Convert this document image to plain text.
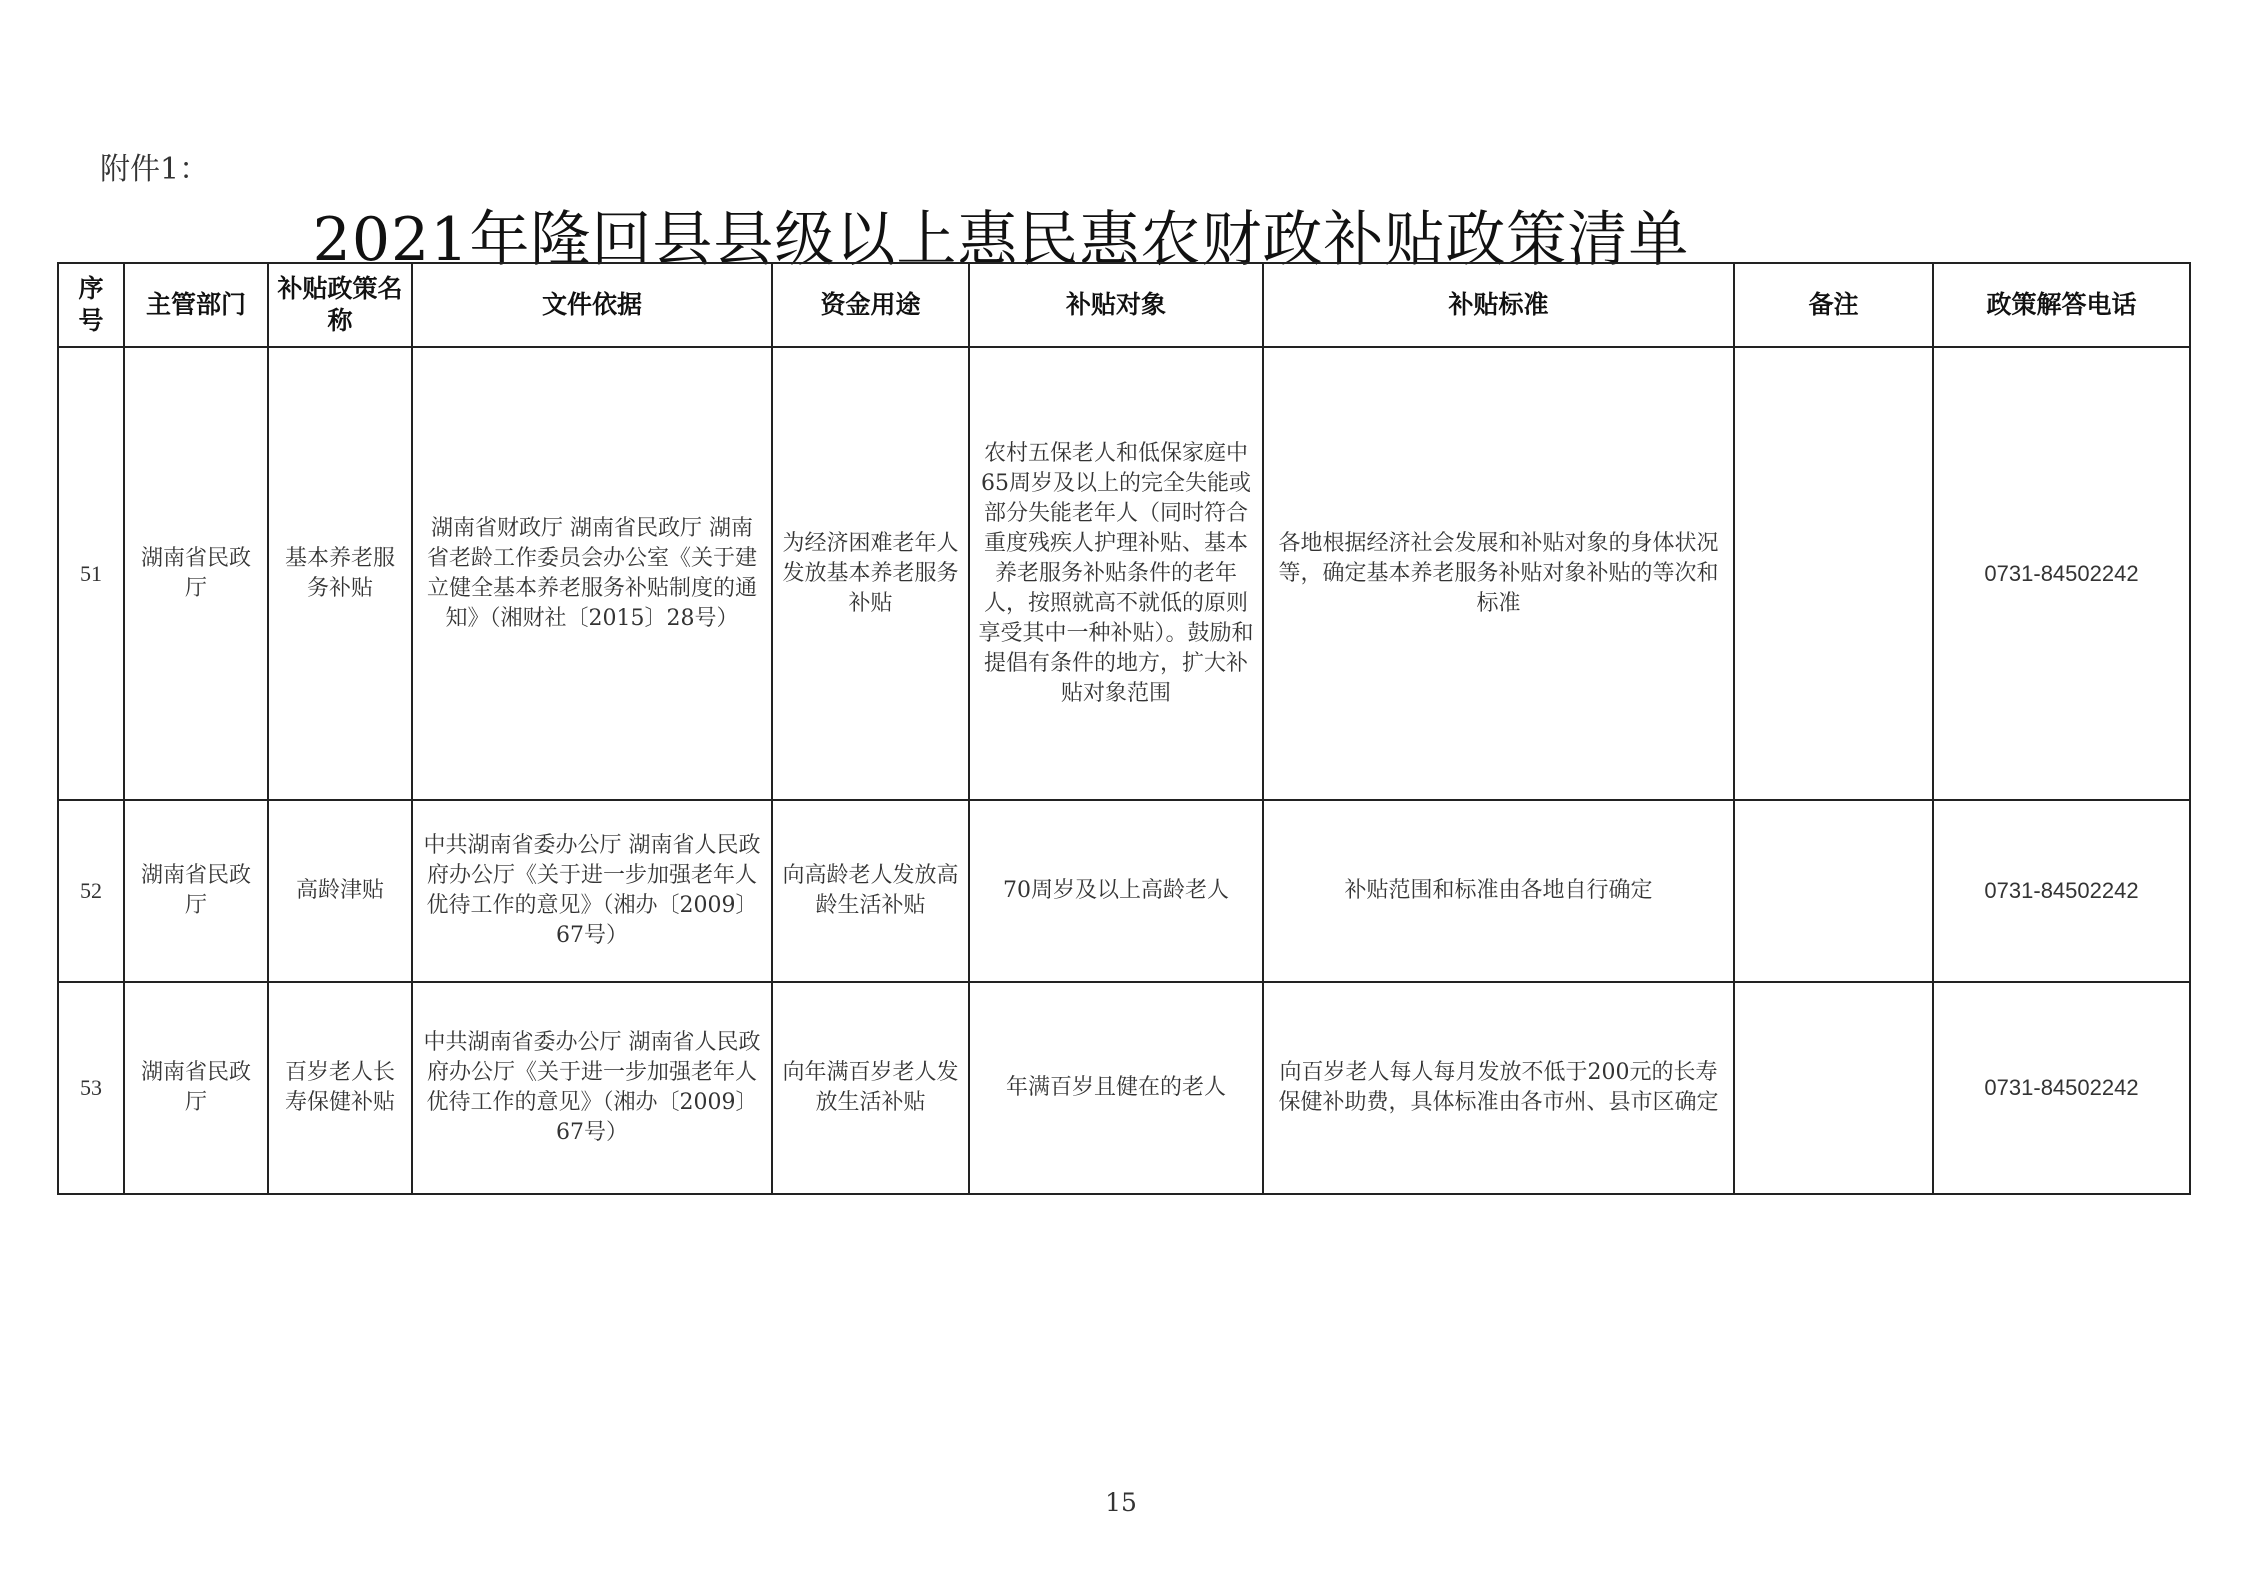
附件1：
2021年隆回县县级以上惠民惠农财政补贴政策清单
序号	主管部门	补贴政策名称	文件依据	资金用途	补贴对象	补贴标准	备注	政策解答电话
51	湖南省民政厅	基本养老服务补贴	湖南省财政厅 湖南省民政厅 湖南省老龄工作委员会办公室《关于建立健全基本养老服务补贴制度的通知》（湘财社〔2015〕28号）	为经济困难老年人发放基本养老服务补贴	农村五保老人和低保家庭中65周岁及以上的完全失能或部分失能老年人（同时符合重度残疾人护理补贴、基本养老服务补贴条件的老年人，按照就高不就低的原则享受其中一种补贴）。鼓励和提倡有条件的地方，扩大补贴对象范围	各地根据经济社会发展和补贴对象的身体状况等，确定基本养老服务补贴对象补贴的等次和标准		0731-84502242
52	湖南省民政厅	高龄津贴	中共湖南省委办公厅 湖南省人民政府办公厅《关于进一步加强老年人优待工作的意见》（湘办〔2009〕67号）	向高龄老人发放高龄生活补贴	70周岁及以上高龄老人	补贴范围和标准由各地自行确定		0731-84502242
53	湖南省民政厅	百岁老人长寿保健补贴	中共湖南省委办公厅 湖南省人民政府办公厅《关于进一步加强老年人优待工作的意见》（湘办〔2009〕67号）	向年满百岁老人发放生活补贴	年满百岁且健在的老人	向百岁老人每人每月发放不低于200元的长寿保健补助费，具体标准由各市州、县市区确定		0731-84502242
15
